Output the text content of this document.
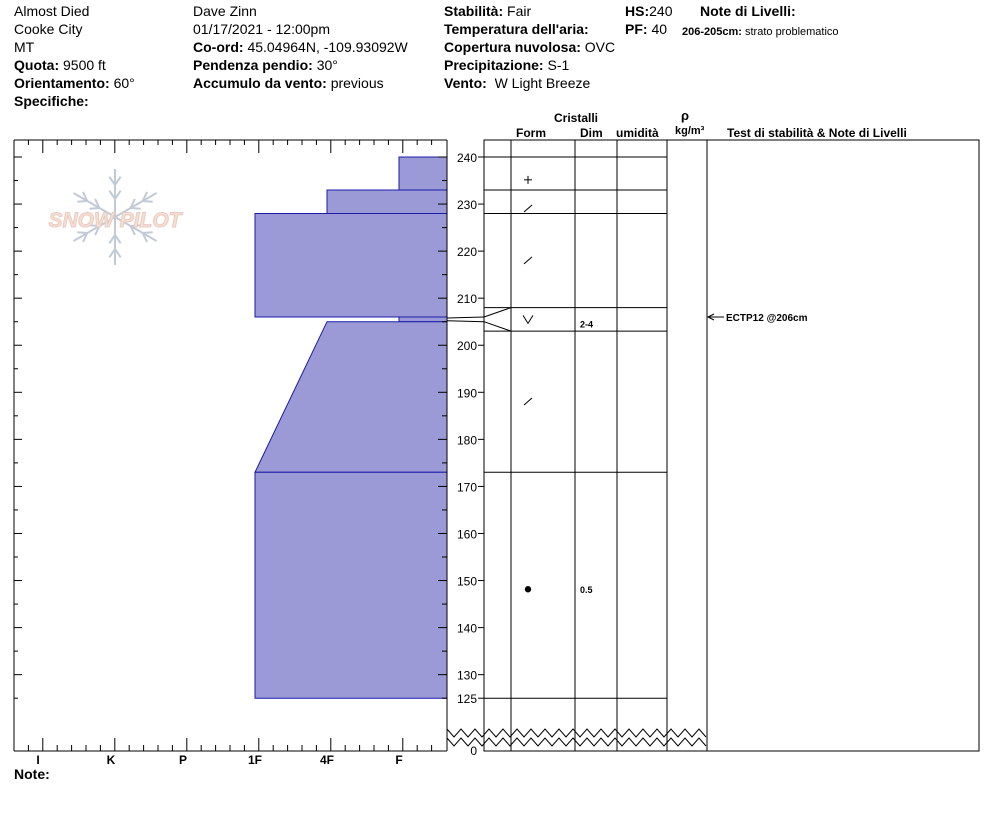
Almost Died
Cooke City
MT
Quota: 9500 ft
Orientamento: 60°
Specifiche:
Dave Zinn
01/17/2021 - 12:00pm
Co-ord: 45.04964N, -109.93092W
Pendenza pendio: 30°
Accumulo da vento: previous
Stabilità: Fair
Temperatura dell'aria:
Copertura nuvolosa: OVC
Precipitazione: S-1
Vento: W Light Breeze
HS:240
PF: 40
Note di Livelli:
206-205cm: strato problematico
Cristalli
Form	Dim umidità
ρ
kg/m³ Test di stabilità & Note di Livelli
Note:
SNOW PILOT
I	K	P	1F	4F	F
240
230
220
210
200
190
180
170
160
150
140
130
125
0
2-4
0.5
ECTP12 @206cm
